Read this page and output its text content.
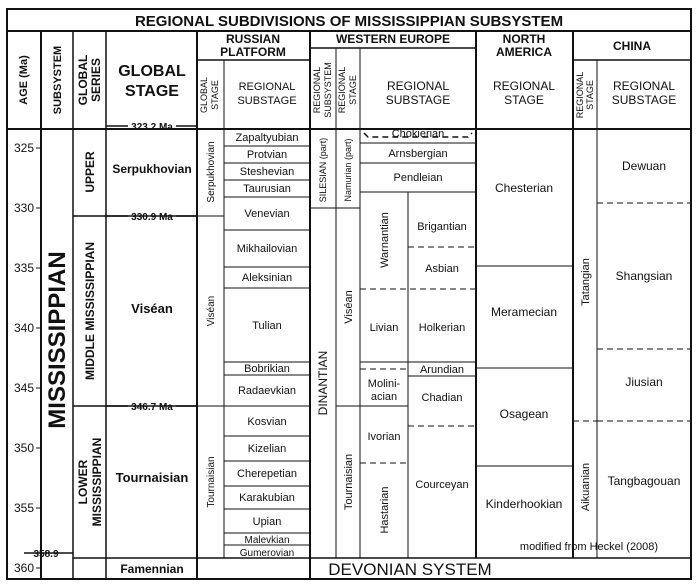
REGIONAL SUBDIVISIONS OF MISSISSIPPIAN SUBSYSTEM
AGE (Ma) SUBSYSTEM GLOBAL SERIES GLOBAL
STAGE
RUSSIAN
PLATFORM
GLOBAL STAGE REGIONAL
SUBSTAGE
WESTERN EUROPE
REGIONAL SUBSYSTEM REGIONAL STAGE REGIONAL
SUBSTAGE
NORTH
AMERICA
REGIONAL
STAGE
CHINA
REGIONAL STAGE REGIONAL
SUBSTAGE
325
330
335
340
345
350
355
360
323.2 Ma
330.9 Ma
346.7 Ma
358.9
MISSISSIPPIAN
UPPER
MIDDLE MISSISSIPPIAN
LOWER MISSISSIPPIAN
Serpukhovian
Viséan
Tournaisian
Famennian
Serpukhovian
Viséan
Tournaisian
Zapaltyubian
Protvian
Steshevian
Taurusian
Venevian
Mikhailovian
Aleksinian
Tulian
Bobrikian
Radaevkian
Kosvian
Kizelian
Cherepetian
Karakubian
Upian
Malevkian
Gumerovian
SILESIAN (part)
DINANTIAN
Namurian (part)
Viséan
Tournaisian
Warnantian
Livian
Molini-
acian
Ivorian
Hastarian
Chokierian
Arnsbergian
Pendleian
Brigantian
Asbian
Holkerian
Arundian
Chadian
Courceyan
Chesterian
Meramecian
Osagean
Kinderhookian
Tatangian
Aikuanian
Dewuan
Shangsian
Jiusian
Tangbagouan
DEVONIAN SYSTEM
modified from Heckel (2008)
